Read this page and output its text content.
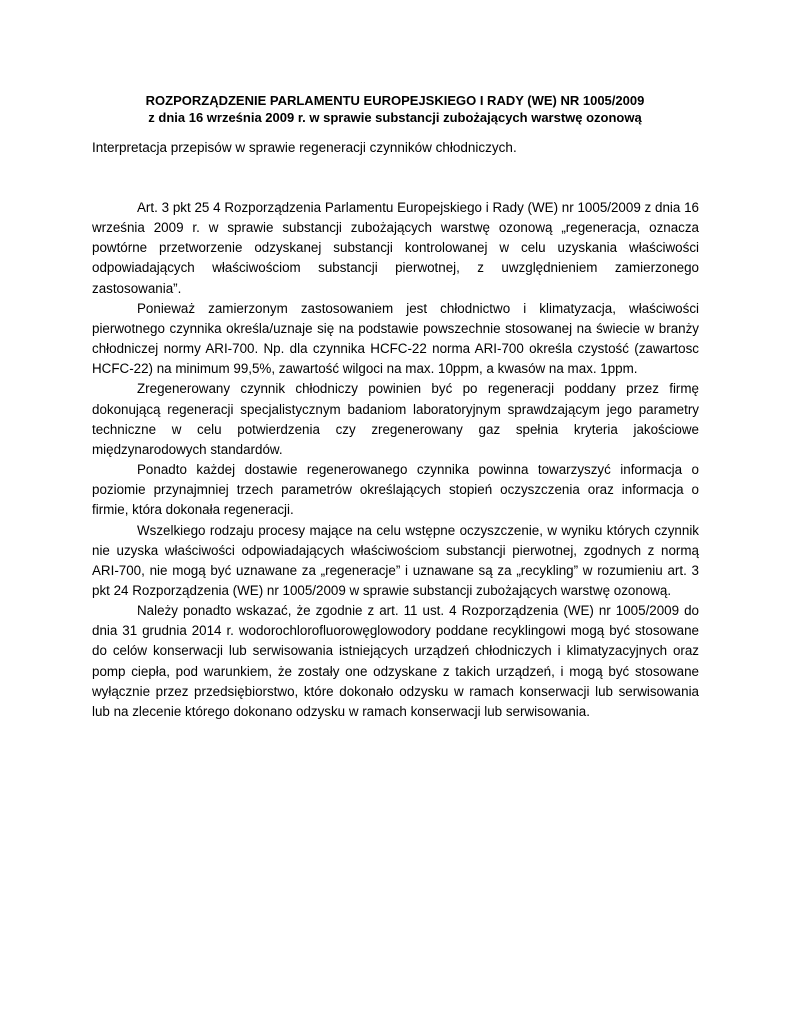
ROZPORZĄDZENIE PARLAMENTU EUROPEJSKIEGO I RADY (WE) NR 1005/2009
z dnia 16 września 2009 r. w sprawie substancji zubożających warstwę ozonową
Interpretacja przepisów w sprawie regeneracji czynników chłodniczych.

Art. 3 pkt 25 4 Rozporządzenia Parlamentu Europejskiego i Rady (WE) nr 1005/2009 z dnia 16 września 2009 r. w sprawie substancji zubożających warstwę ozonową „regeneracja, oznacza powtórne przetworzenie odzyskanej substancji kontrolowanej w celu uzyskania właściwości odpowiadających właściwościom substancji pierwotnej, z uwzględnieniem zamierzonego zastosowania”.

Ponieważ zamierzonym zastosowaniem jest chłodnictwo i klimatyzacja, właściwości pierwotnego czynnika określa/uznaje się na podstawie powszechnie stosowanej na świecie w branży chłodniczej normy ARI-700. Np. dla czynnika HCFC-22 norma ARI-700 określa czystość (zawartosc HCFC-22) na minimum 99,5%, zawartość wilgoci na max. 10ppm, a kwasów na max. 1ppm.

Zregenerowany czynnik chłodniczy powinien być po regeneracji poddany przez firmę dokonującą regeneracji specjalistycznym badaniom laboratoryjnym sprawdzającym jego parametry techniczne w celu potwierdzenia czy zregenerowany gaz spełnia kryteria jakościowe międzynarodowych standardów.

Ponadto każdej dostawie regenerowanego czynnika powinna towarzyszyć informacja o poziomie przynajmniej trzech parametrów określających stopień oczyszczenia oraz informacja o firmie, która dokonała regeneracji.

Wszelkiego rodzaju procesy mające na celu wstępne oczyszczenie, w wyniku których czynnik nie uzyska właściwości odpowiadających właściwościom substancji pierwotnej, zgodnych z normą ARI-700, nie mogą być uznawane za „regeneracje” i uznawane są za „recykling” w rozumieniu art. 3 pkt 24 Rozporządzenia (WE) nr 1005/2009 w sprawie substancji zubożających warstwę ozonową.

Należy ponadto wskazać, że zgodnie z art. 11 ust. 4 Rozporządzenia (WE) nr 1005/2009 do dnia 31 grudnia 2014 r. wodorochlorofluorowęglowodory poddane recyklingowi mogą być stosowane do celów konserwacji lub serwisowania istniejących urządzeń chłodniczych i klimatyzacyjnych oraz pomp ciepła, pod warunkiem, że zostały one odzyskane z takich urządzeń, i mogą być stosowane wyłącznie przez przedsiębiorstwo, które dokonało odzysku w ramach konserwacji lub serwisowania lub na zlecenie którego dokonano odzysku w ramach konserwacji lub serwisowania.
